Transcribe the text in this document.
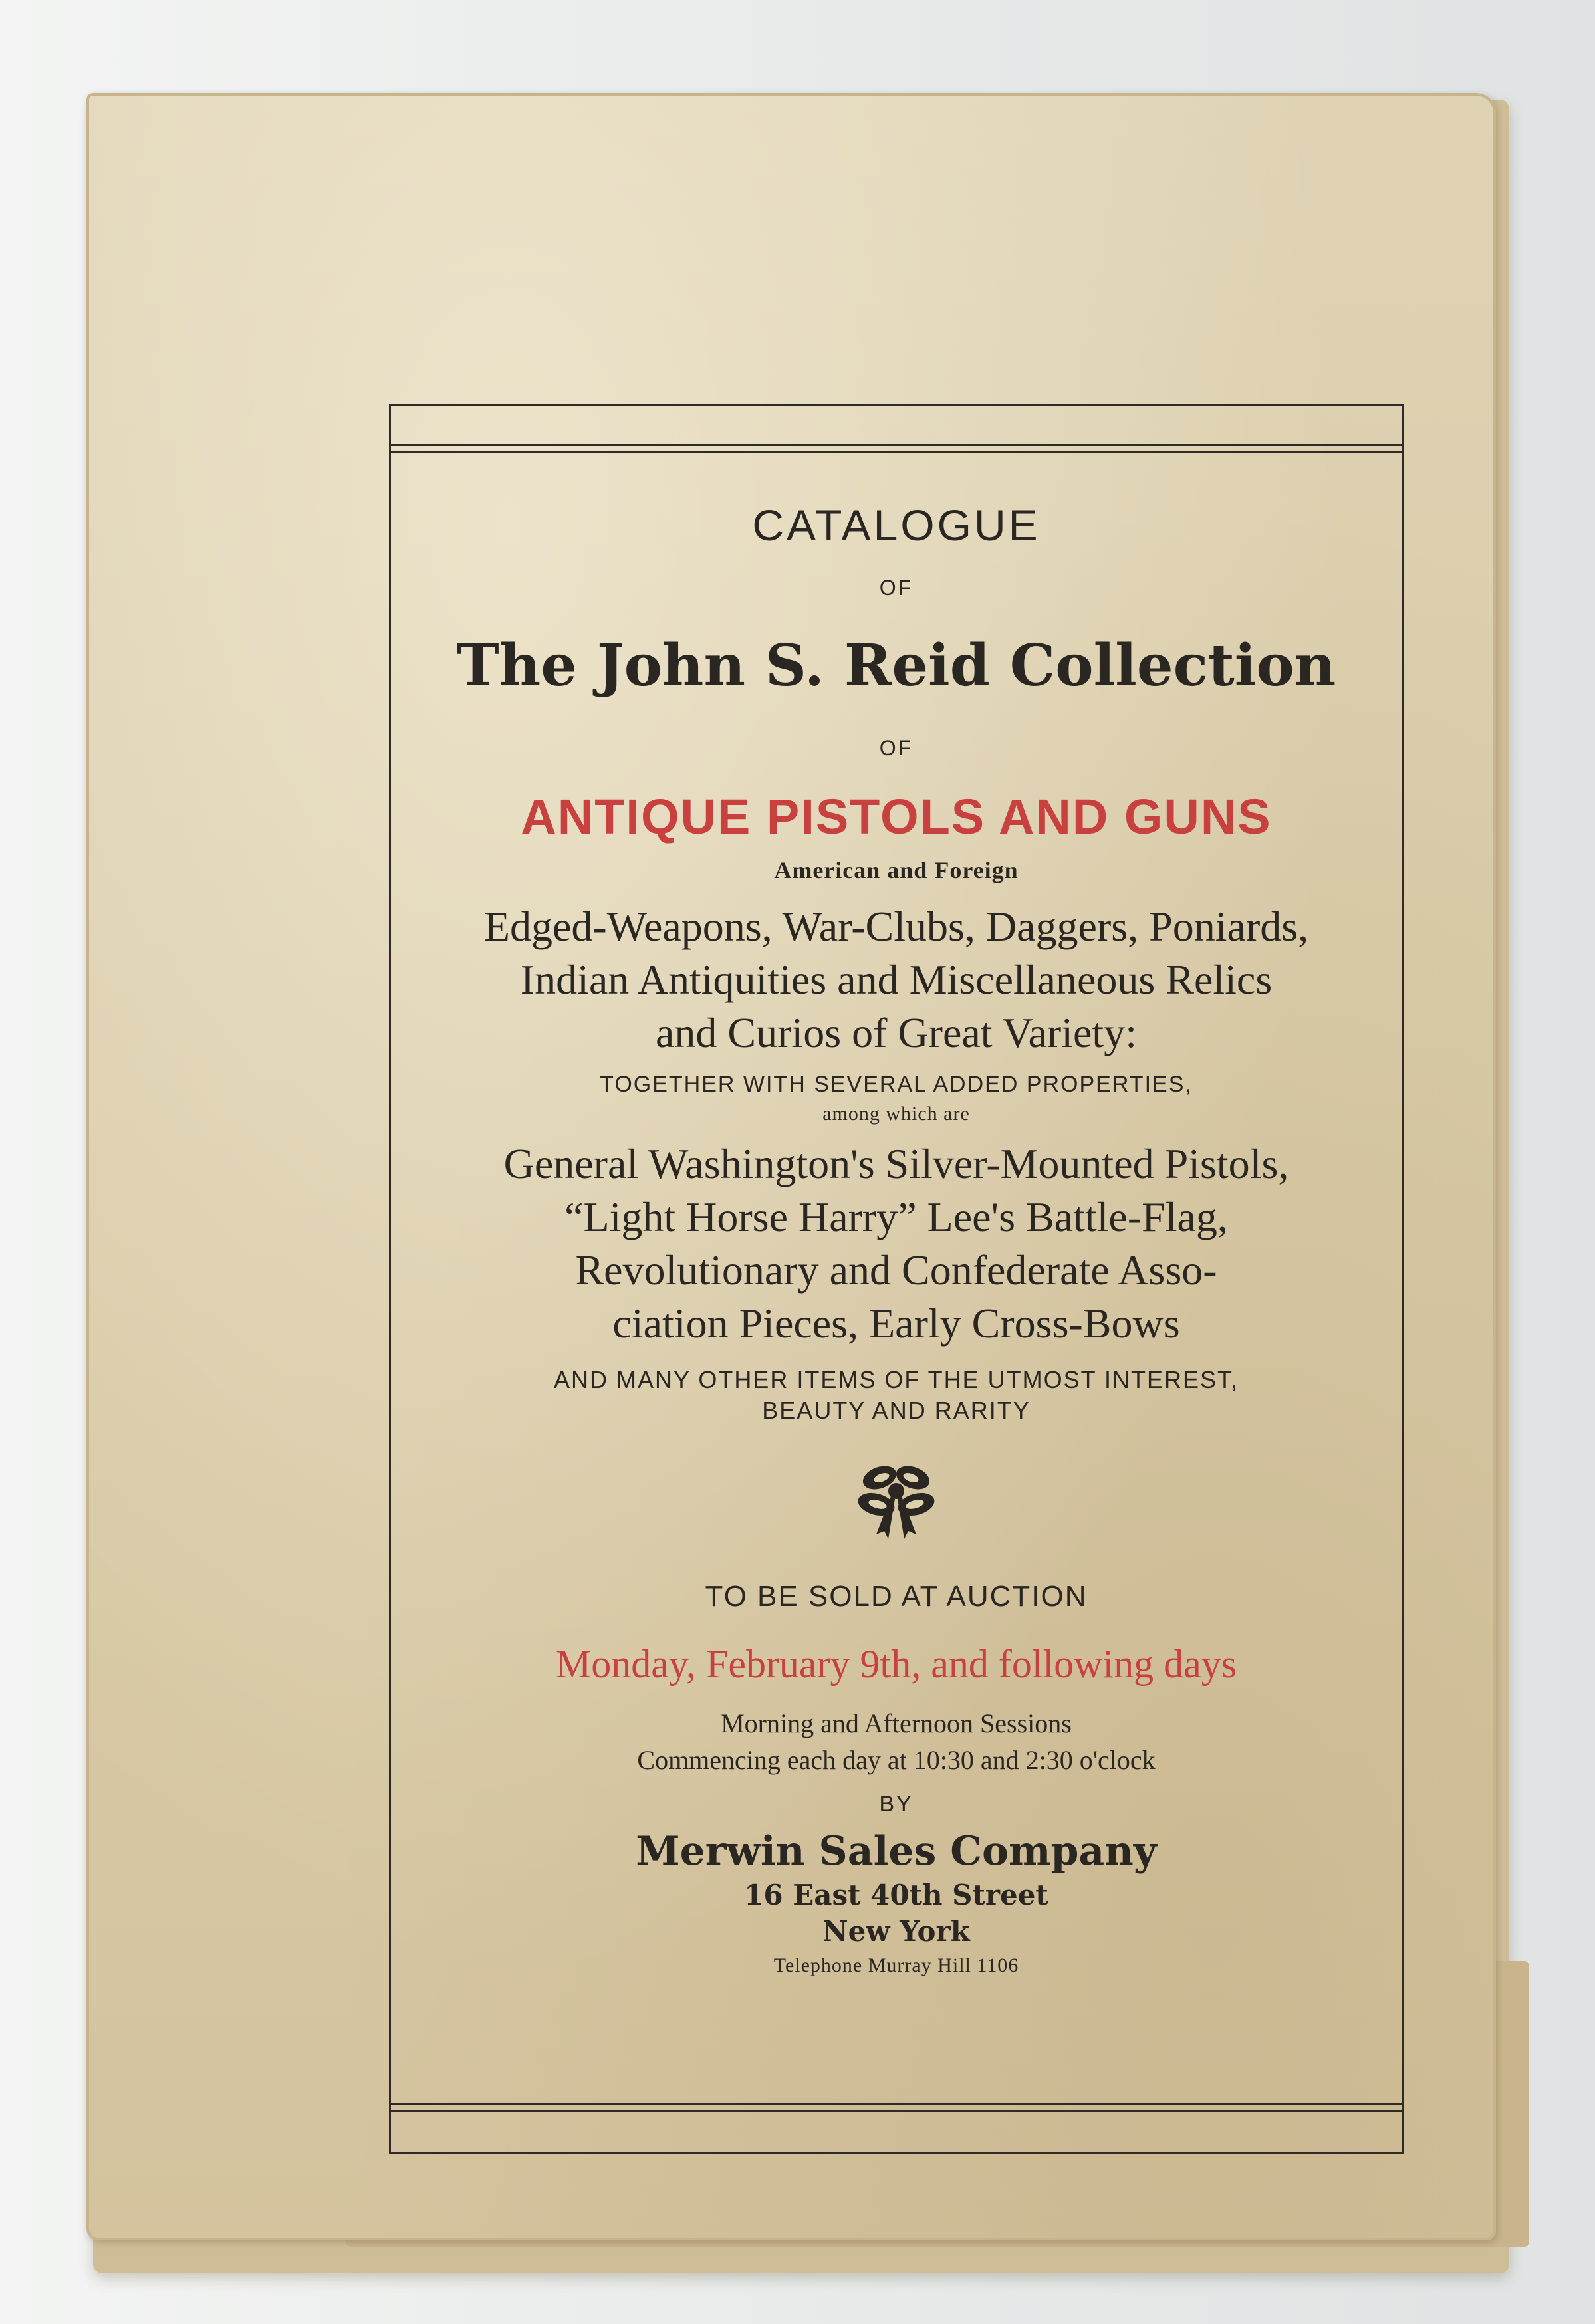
CATALOGUE
OF
The John S. Reid Collection
OF
ANTIQUE PISTOLS AND GUNS
American and Foreign
Edged-Weapons, War-Clubs, Daggers, Poniards,
Indian Antiquities and Miscellaneous Relics
and Curios of Great Variety:
TOGETHER WITH SEVERAL ADDED PROPERTIES,
among which are
General Washington's Silver-Mounted Pistols,
“Light Horse Harry” Lee's Battle-Flag,
Revolutionary and Confederate Asso-
ciation Pieces, Early Cross-Bows
AND MANY OTHER ITEMS OF THE UTMOST INTEREST,
BEAUTY AND RARITY
TO BE SOLD AT AUCTION
Monday, February 9th, and following days
Morning and Afternoon Sessions
Commencing each day at 10:30 and 2:30 o'clock
BY
Merwin Sales Company
16 East 40th Street
New York
Telephone Murray Hill 1106
